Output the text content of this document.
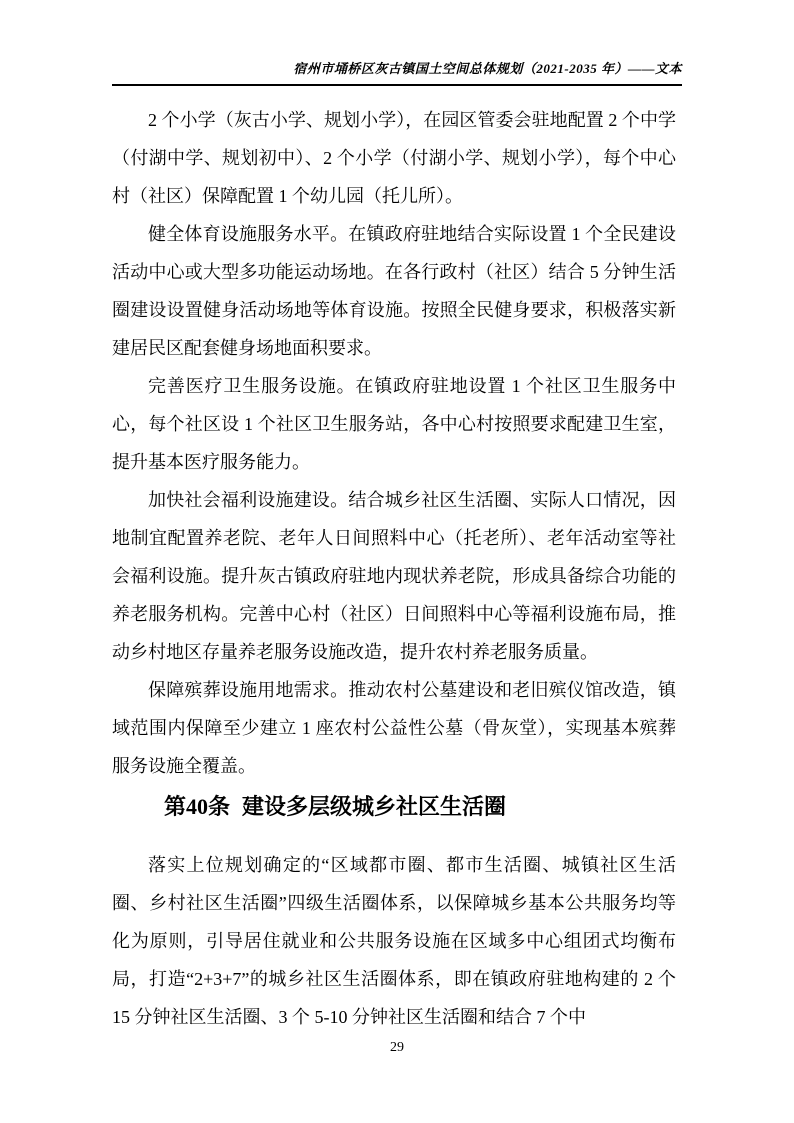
宿州市埇桥区灰古镇国土空间总体规划（2021-2035 年）——文本

2 个小学（灰古小学、规划小学），在园区管委会驻地配置 2 个中学（付湖中学、规划初中）、2 个小学（付湖小学、规划小学），每个中心村（社区）保障配置 1 个幼儿园（托儿所）。

健全体育设施服务水平。在镇政府驻地结合实际设置 1 个全民建设活动中心或大型多功能运动场地。在各行政村（社区）结合 5 分钟生活圈建设设置健身活动场地等体育设施。按照全民健身要求，积极落实新建居民区配套健身场地面积要求。

完善医疗卫生服务设施。在镇政府驻地设置 1 个社区卫生服务中心，每个社区设 1 个社区卫生服务站，各中心村按照要求配建卫生室，提升基本医疗服务能力。

加快社会福利设施建设。结合城乡社区生活圈、实际人口情况，因地制宜配置养老院、老年人日间照料中心（托老所）、老年活动室等社会福利设施。提升灰古镇政府驻地内现状养老院，形成具备综合功能的养老服务机构。完善中心村（社区）日间照料中心等福利设施布局，推动乡村地区存量养老服务设施改造，提升农村养老服务质量。

保障殡葬设施用地需求。推动农村公墓建设和老旧殡仪馆改造，镇域范围内保障至少建立 1 座农村公益性公墓（骨灰堂），实现基本殡葬服务设施全覆盖。

第40条 建设多层级城乡社区生活圈

落实上位规划确定的“区域都市圈、都市生活圈、城镇社区生活圈、乡村社区生活圈”四级生活圈体系，以保障城乡基本公共服务均等化为原则，引导居住就业和公共服务设施在区域多中心组团式均衡布局，打造“2+3+7”的城乡社区生活圈体系，即在镇政府驻地构建的 2 个 15 分钟社区生活圈、3 个 5-10 分钟社区生活圈和结合 7 个中

29
